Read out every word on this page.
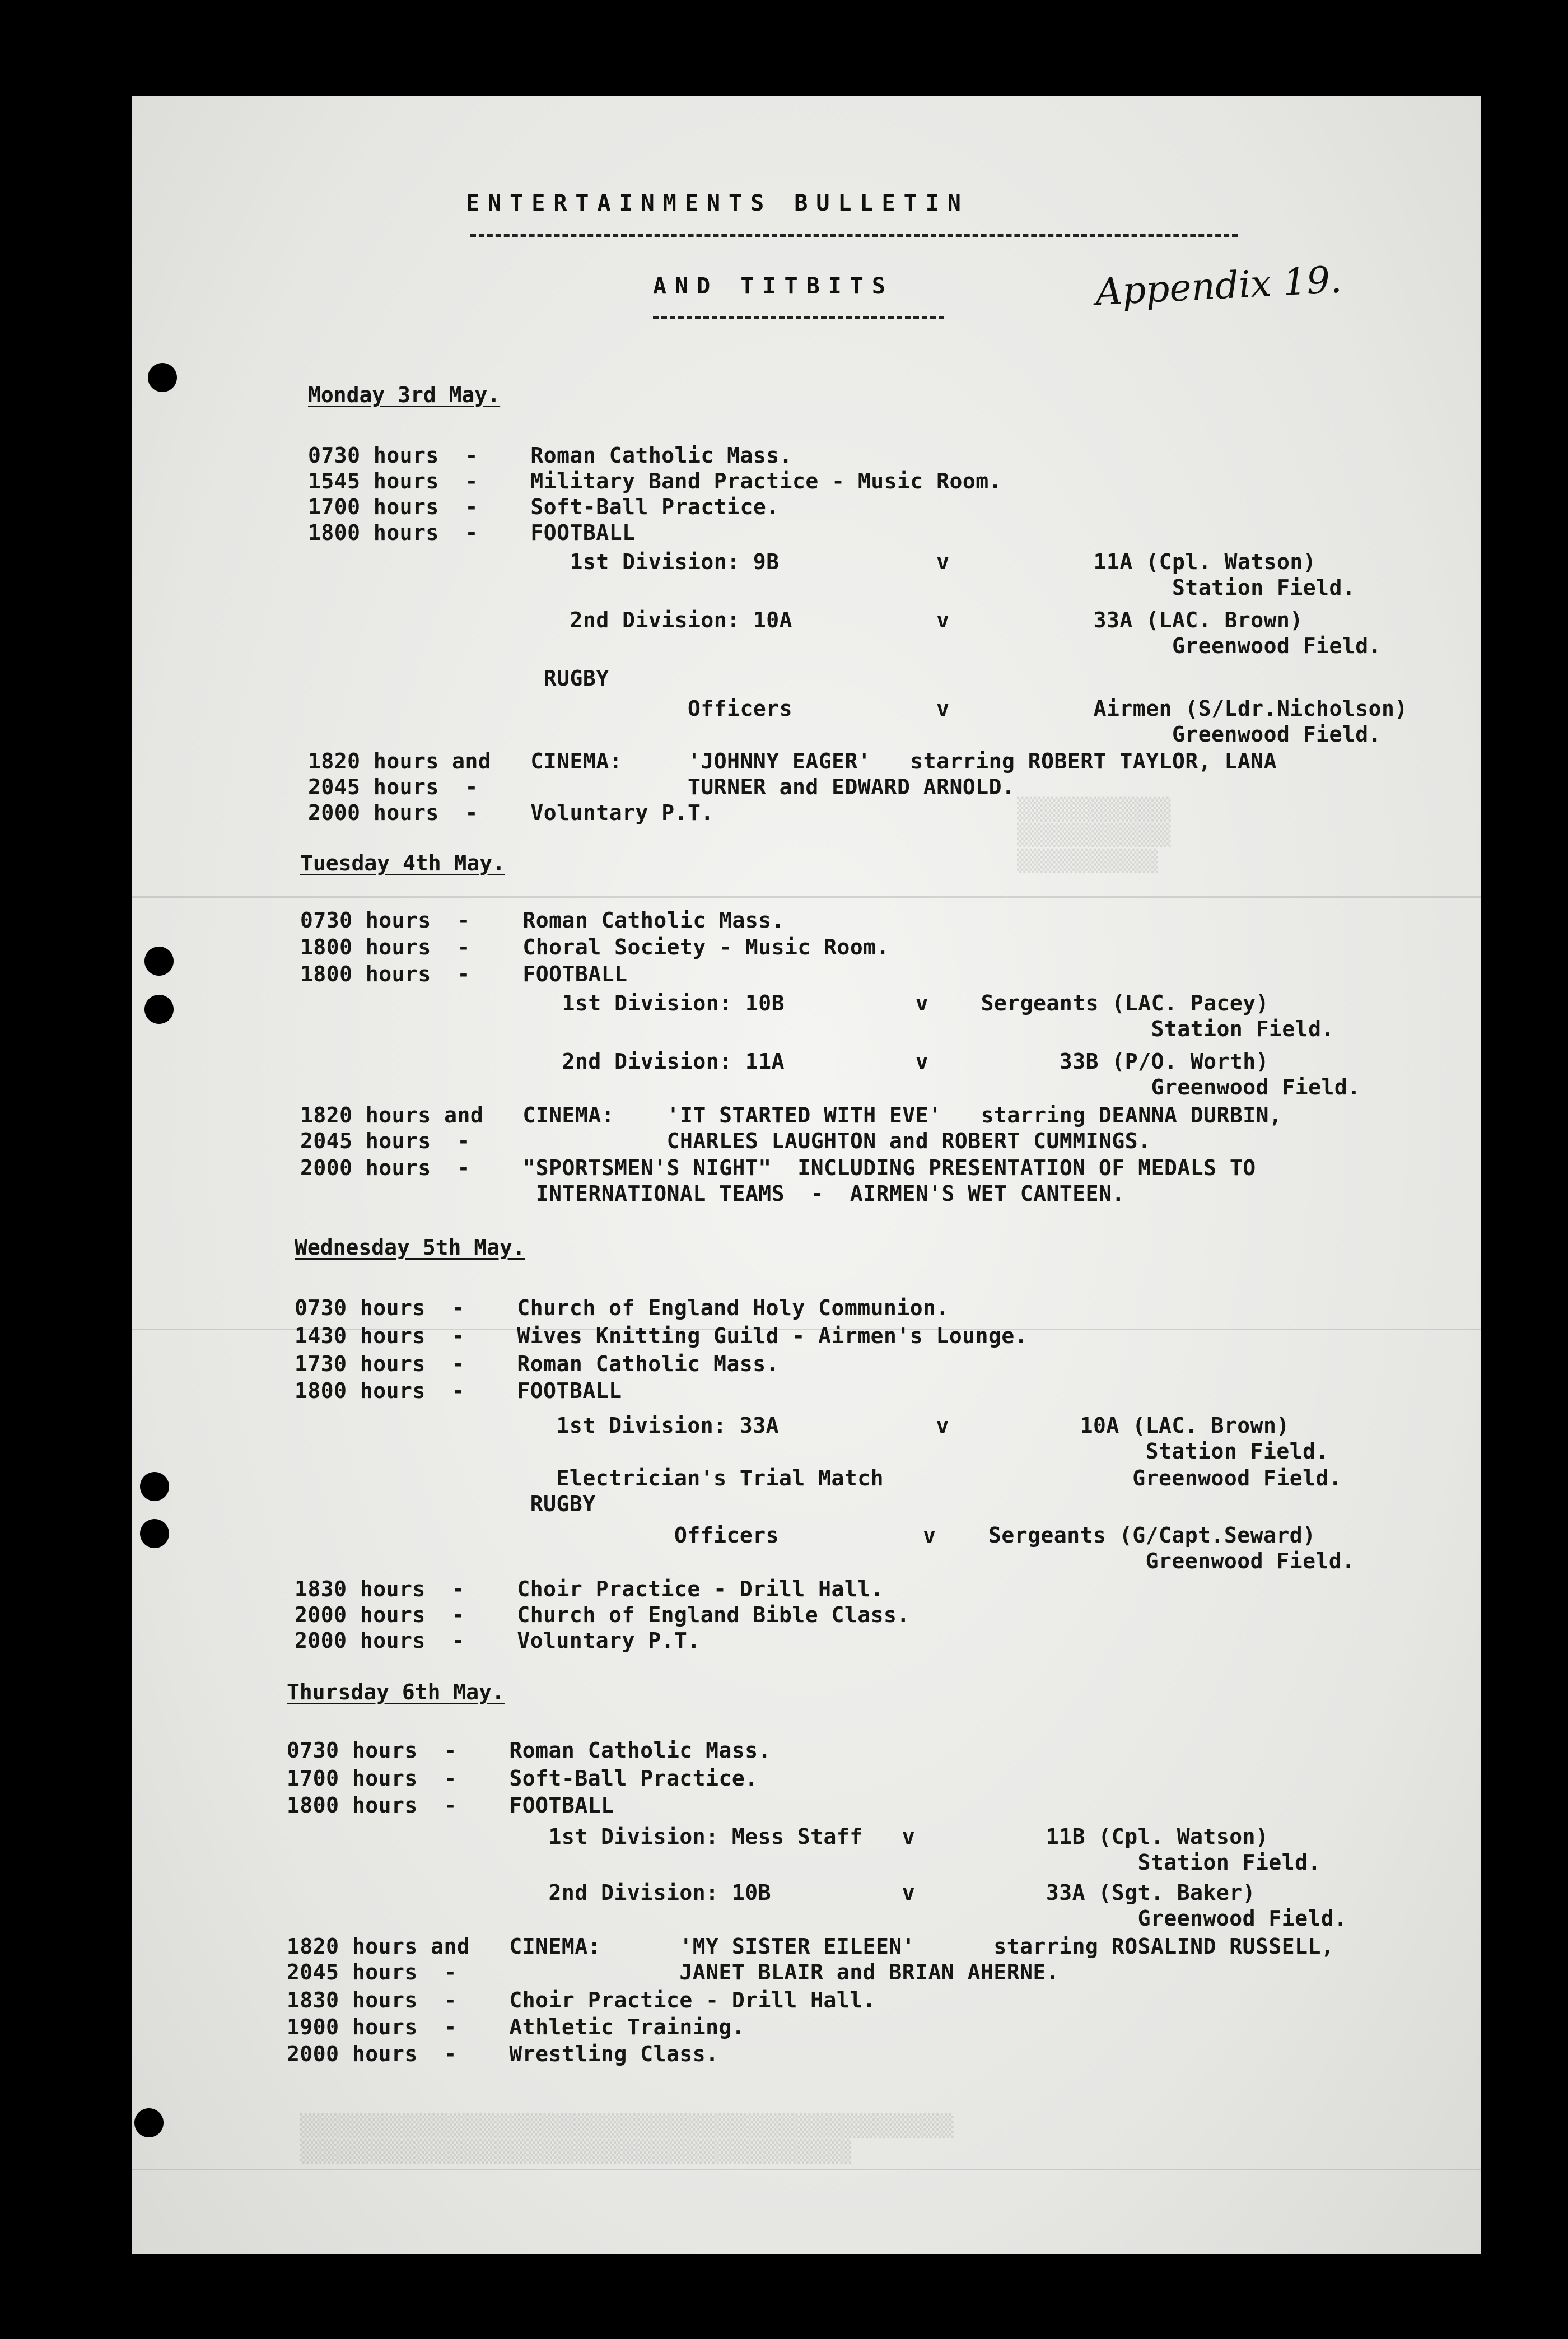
▒▒▒▒▒▒▒▒▒▒▒▒
▒▒▒▒▒▒▒▒▒▒▒▒
▒▒▒▒▒▒▒▒▒▒▒
▒▒▒▒▒▒▒▒▒▒▒▒▒▒▒▒▒▒▒▒▒▒▒▒▒▒▒▒▒▒▒▒▒▒▒▒▒▒▒▒▒▒▒▒▒▒▒▒▒▒▒
▒▒▒▒▒▒▒▒▒▒▒▒▒▒▒▒▒▒▒▒▒▒▒▒▒▒▒▒▒▒▒▒▒▒▒▒▒▒▒▒▒▒▒
ENTERTAINMENTS BULLETIN
AND TITBITS	Appendix 19.
Monday 3rd May.
0730 hours  -    Roman Catholic Mass.
1545 hours  -    Military Band Practice - Music Room.
1700 hours  -    Soft-Ball Practice.
1800 hours  -    FOOTBALL
1st Division: 9B            v           11A (Cpl. Watson)
Station Field.
2nd Division: 10A           v           33A (LAC. Brown)
Greenwood Field.
RUGBY
Officers           v           Airmen (S/Ldr.Nicholson)
Greenwood Field.
1820 hours and   CINEMA:     'JOHNNY EAGER'   starring ROBERT TAYLOR, LANA
2045 hours  -                TURNER and EDWARD ARNOLD.
2000 hours  -    Voluntary P.T.
Tuesday 4th May.
0730 hours  -    Roman Catholic Mass.
1800 hours  -    Choral Society - Music Room.
1800 hours  -    FOOTBALL
1st Division: 10B          v    Sergeants (LAC. Pacey)
Station Field.
2nd Division: 11A          v          33B (P/O. Worth)
Greenwood Field.
1820 hours and   CINEMA:    'IT STARTED WITH EVE'   starring DEANNA DURBIN,
2045 hours  -               CHARLES LAUGHTON and ROBERT CUMMINGS.
2000 hours  -    "SPORTSMEN'S NIGHT"  INCLUDING PRESENTATION OF MEDALS TO
INTERNATIONAL TEAMS  -  AIRMEN'S WET CANTEEN.
Wednesday 5th May.
0730 hours  -    Church of England Holy Communion.
1430 hours  -    Wives Knitting Guild - Airmen's Lounge.
1730 hours  -    Roman Catholic Mass.
1800 hours  -    FOOTBALL
1st Division: 33A            v          10A (LAC. Brown)
Station Field.
Electrician's Trial Match                   Greenwood Field.
RUGBY
Officers           v    Sergeants (G/Capt.Seward)
Greenwood Field.
1830 hours  -    Choir Practice - Drill Hall.
2000 hours  -    Church of England Bible Class.
2000 hours  -    Voluntary P.T.
Thursday 6th May.
0730 hours  -    Roman Catholic Mass.
1700 hours  -    Soft-Ball Practice.
1800 hours  -    FOOTBALL
1st Division: Mess Staff   v          11B (Cpl. Watson)
Station Field.
2nd Division: 10B          v          33A (Sgt. Baker)
Greenwood Field.
1820 hours and   CINEMA:      'MY SISTER EILEEN'      starring ROSALIND RUSSELL,
2045 hours  -                 JANET BLAIR and BRIAN AHERNE.
1830 hours  -    Choir Practice - Drill Hall.
1900 hours  -    Athletic Training.
2000 hours  -    Wrestling Class.
